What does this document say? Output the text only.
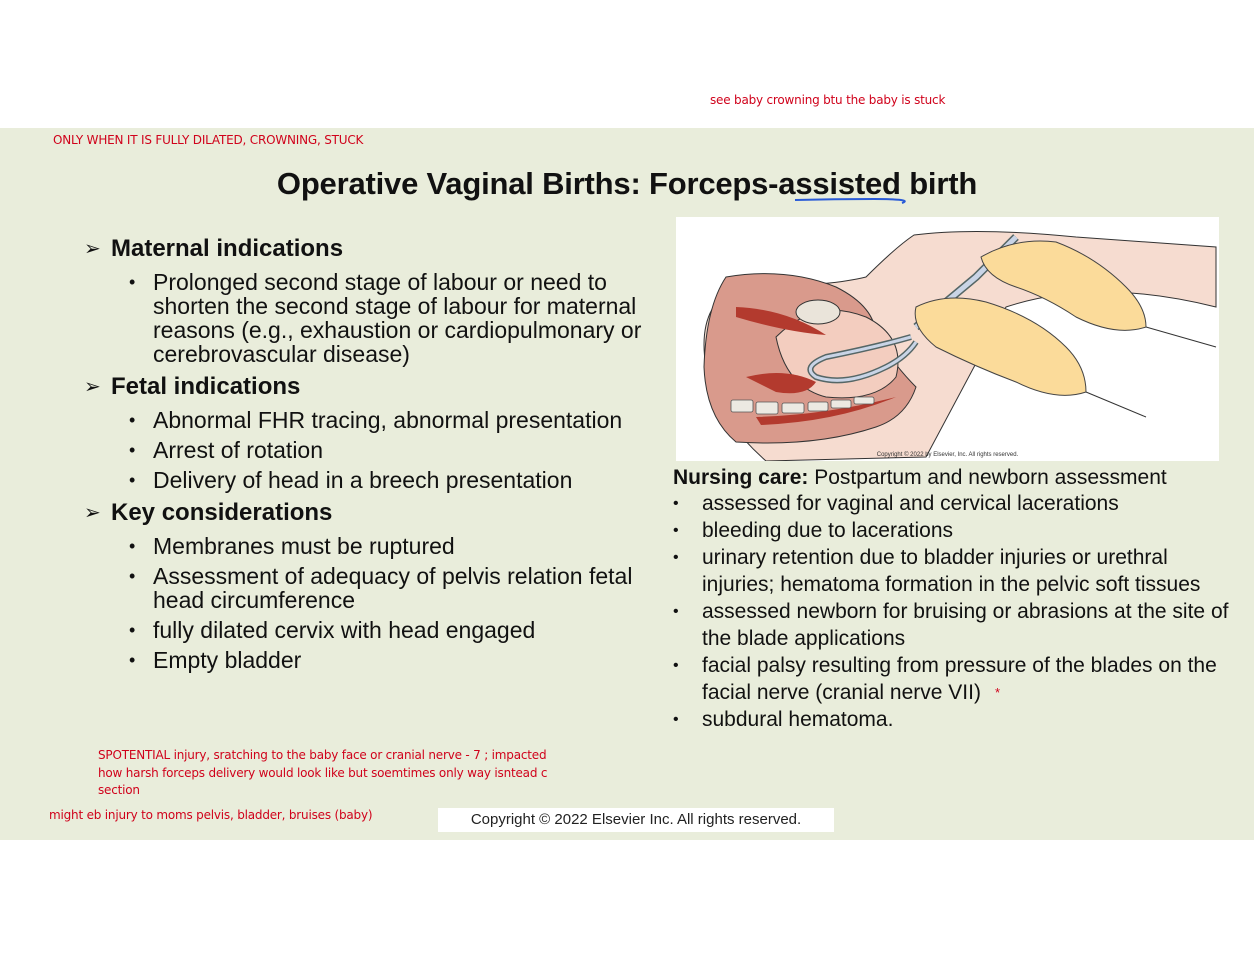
see baby crowning btu the baby is stuck
ONLY WHEN IT IS FULLY DILATED, CROWNING, STUCK
Operative Vaginal Births: Forceps-assisted birth
➢ Maternal indications
• Prolonged second stage of labour or need to shorten the second stage of labour for maternal reasons (e.g., exhaustion or cardiopulmonary or cerebrovascular disease)
➢ Fetal indications
• Abnormal FHR tracing, abnormal presentation
• Arrest of rotation
• Delivery of head in a breech presentation
➢ Key considerations
• Membranes must be ruptured
• Assessment of adequacy of pelvis relation fetal head circumference
• fully dilated cervix with head engaged
• Empty bladder
Copyright © 2022 by Elsevier, Inc. All rights reserved.
Nursing care: Postpartum and newborn assessment
•	assessed for vaginal and cervical lacerations
•	bleeding due to lacerations
•	urinary retention due to bladder injuries or urethral injuries; hematoma formation in the pelvic soft tissues
•	assessed newborn for bruising or abrasions at the site of the blade applications
•	facial palsy resulting from pressure of the blades on the facial nerve (cranial nerve VII) *
•	subdural hematoma.
SPOTENTIAL injury, sratching to the baby face or cranial nerve - 7 ; impacted
how harsh forceps delivery would look like but soemtimes only way isntead c
section
might eb injury to moms pelvis, bladder, bruises (baby)	Copyright © 2022 Elsevier Inc. All rights reserved.
